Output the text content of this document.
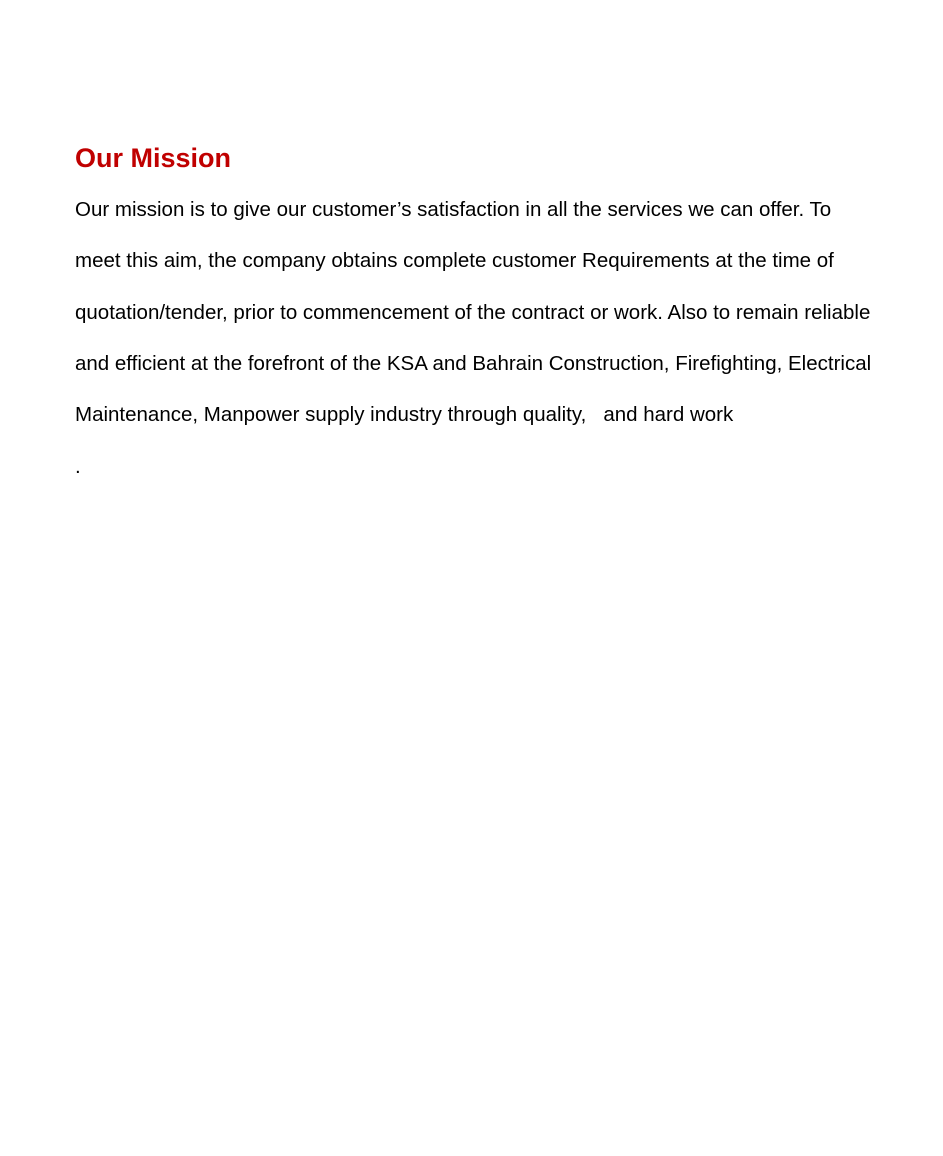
Our Mission

Our mission is to give our customer’s satisfaction in all the services we can offer. To

meet this aim, the company obtains complete customer Requirements at the time of

quotation/tender, prior to commencement of the contract or work. Also to remain reliable

and efficient at the forefront of the KSA and Bahrain Construction, Firefighting, Electrical

Maintenance, Manpower supply industry through quality,   and hard work

.
